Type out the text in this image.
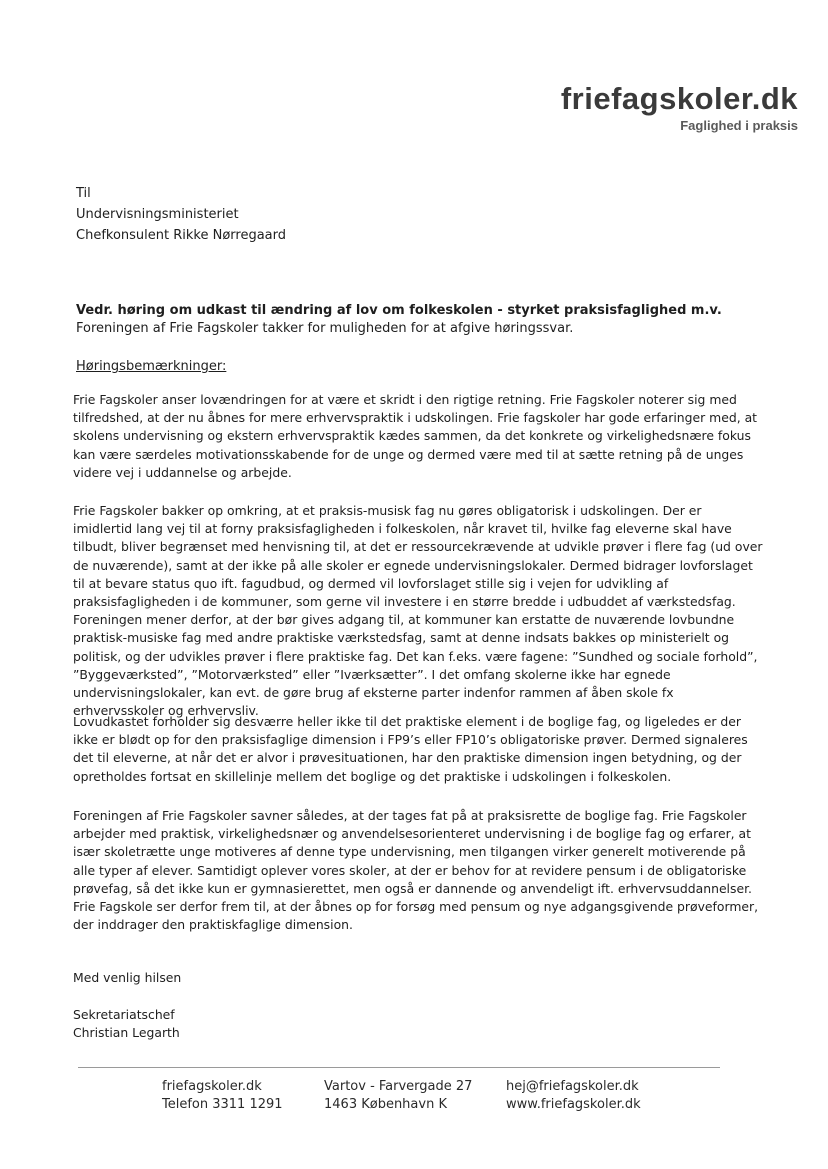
friefagskoler.dk
Faglighed i praksis
Til
Undervisningsministeriet
Chefkonsulent Rikke Nørregaard
Vedr. høring om udkast til ændring af lov om folkeskolen - styrket praksisfaglighed m.v.
Foreningen af Frie Fagskoler takker for muligheden for at afgive høringssvar.
Høringsbemærkninger:
Frie Fagskoler anser lovændringen for at være et skridt i den rigtige retning. Frie Fagskoler noterer sig med tilfredshed, at der nu åbnes for mere erhvervspraktik i udskolingen. Frie fagskoler har gode erfaringer med, at skolens undervisning og ekstern erhvervspraktik kædes sammen, da det konkrete og virkelighedsnære fokus kan være særdeles motivationsskabende for de unge og dermed være med til at sætte retning på de unges videre vej i uddannelse og arbejde.
Frie Fagskoler bakker op omkring, at et praksis-musisk fag nu gøres obligatorisk i udskolingen. Der er imidlertid lang vej til at forny praksisfagligheden i folkeskolen, når kravet til, hvilke fag eleverne skal have tilbudt, bliver begrænset med henvisning til, at det er ressourcekrævende at udvikle prøver i flere fag (ud over de nuværende), samt at der ikke på alle skoler er egnede undervisningslokaler. Dermed bidrager lovforslaget til at bevare status quo ift. fagudbud, og dermed vil lovforslaget stille sig i vejen for udvikling af praksisfagligheden i de kommuner, som gerne vil investere i en større bredde i udbuddet af værkstedsfag. Foreningen mener derfor, at der bør gives adgang til, at kommuner kan erstatte de nuværende lovbundne praktisk-musiske fag med andre praktiske værkstedsfag, samt at denne indsats bakkes op ministerielt og politisk, og der udvikles prøver i flere praktiske fag. Det kan f.eks. være fagene: ”Sundhed og sociale forhold”, ”Byggeværksted”, ”Motorværksted” eller ”Iværksætter”. I det omfang skolerne ikke har egnede undervisningslokaler, kan evt. de gøre brug af eksterne parter indenfor rammen af åben skole fx erhvervsskoler og erhvervsliv.
Lovudkastet forholder sig desværre heller ikke til det praktiske element i de boglige fag, og ligeledes er der ikke er blødt op for den praksisfaglige dimension i FP9’s eller FP10’s obligatoriske prøver. Dermed signaleres det til eleverne, at når det er alvor i prøvesituationen, har den praktiske dimension ingen betydning, og der opretholdes fortsat en skillelinje mellem det boglige og det praktiske i udskolingen i folkeskolen.
Foreningen af Frie Fagskoler savner således, at der tages fat på at praksisrette de boglige fag. Frie Fagskoler arbejder med praktisk, virkelighedsnær og anvendelsesorienteret undervisning i de boglige fag og erfarer, at især skoletrætte unge motiveres af denne type undervisning, men tilgangen virker generelt motiverende på alle typer af elever. Samtidigt oplever vores skoler, at der er behov for at revidere pensum i de obligatoriske prøvefag, så det ikke kun er gymnasierettet, men også er dannende og anvendeligt ift. erhvervsuddannelser. Frie Fagskole ser derfor frem til, at der åbnes op for forsøg med pensum og nye adgangsgivende prøveformer, der inddrager den praktiskfaglige dimension.
Med venlig hilsen
Sekretariatschef
Christian Legarth
friefagskoler.dk
Telefon 3311 1291
Vartov - Farvergade 27
1463 København K
hej@friefagskoler.dk
www.friefagskoler.dk
